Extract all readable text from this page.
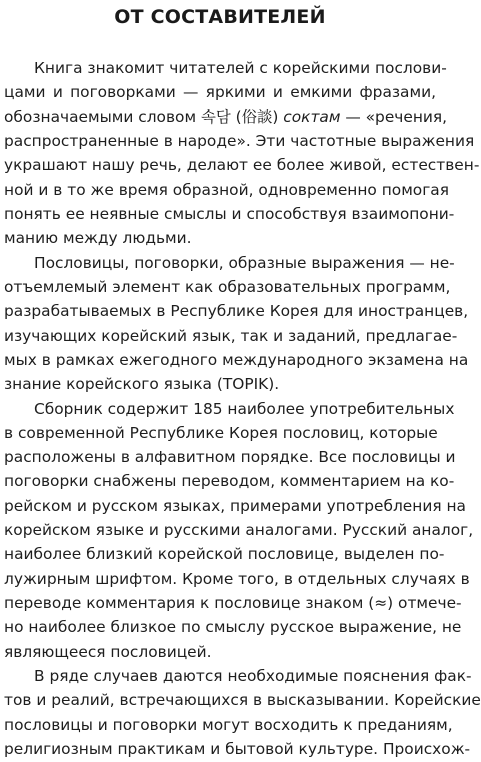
ОТ СОСТАВИТЕЛЕЙ
Книга знакомит читателей с корейскими послови-
цами и поговорками — яркими и емкими фразами,
обозначаемыми словом 속담 (俗談) соктам — «речения,
распространенные в народе». Эти частотные выражения
украшают нашу речь, делают ее более живой, естествен-
ной и в то же время образной, одновременно помогая
понять ее неявные смыслы и способствуя взаимопони-
манию между людьми.
Пословицы, поговорки, образные выражения — не-
отъемлемый элемент как образовательных программ,
разрабатываемых в Республике Корея для иностранцев,
изучающих корейский язык, так и заданий, предлагае-
мых в рамках ежегодного международного экзамена на
знание корейского языка (TOPIK).
Сборник содержит 185 наиболее употребительных
в современной Республике Корея пословиц, которые
расположены в алфавитном порядке. Все пословицы и
поговорки снабжены переводом, комментарием на ко-
рейском и русском языках, примерами употребления на
корейском языке и русскими аналогами. Русский аналог,
наиболее близкий корейской пословице, выделен по-
лужирным шрифтом. Кроме того, в отдельных случаях в
переводе комментария к пословице знаком (≈) отмече-
но наиболее близкое по смыслу русское выражение, не
являющееся пословицей.
В ряде случаев даются необходимые пояснения фак-
тов и реалий, встречающихся в высказывании. Корейские
пословицы и поговорки могут восходить к преданиям,
религиозным практикам и бытовой культуре. Происхож-
